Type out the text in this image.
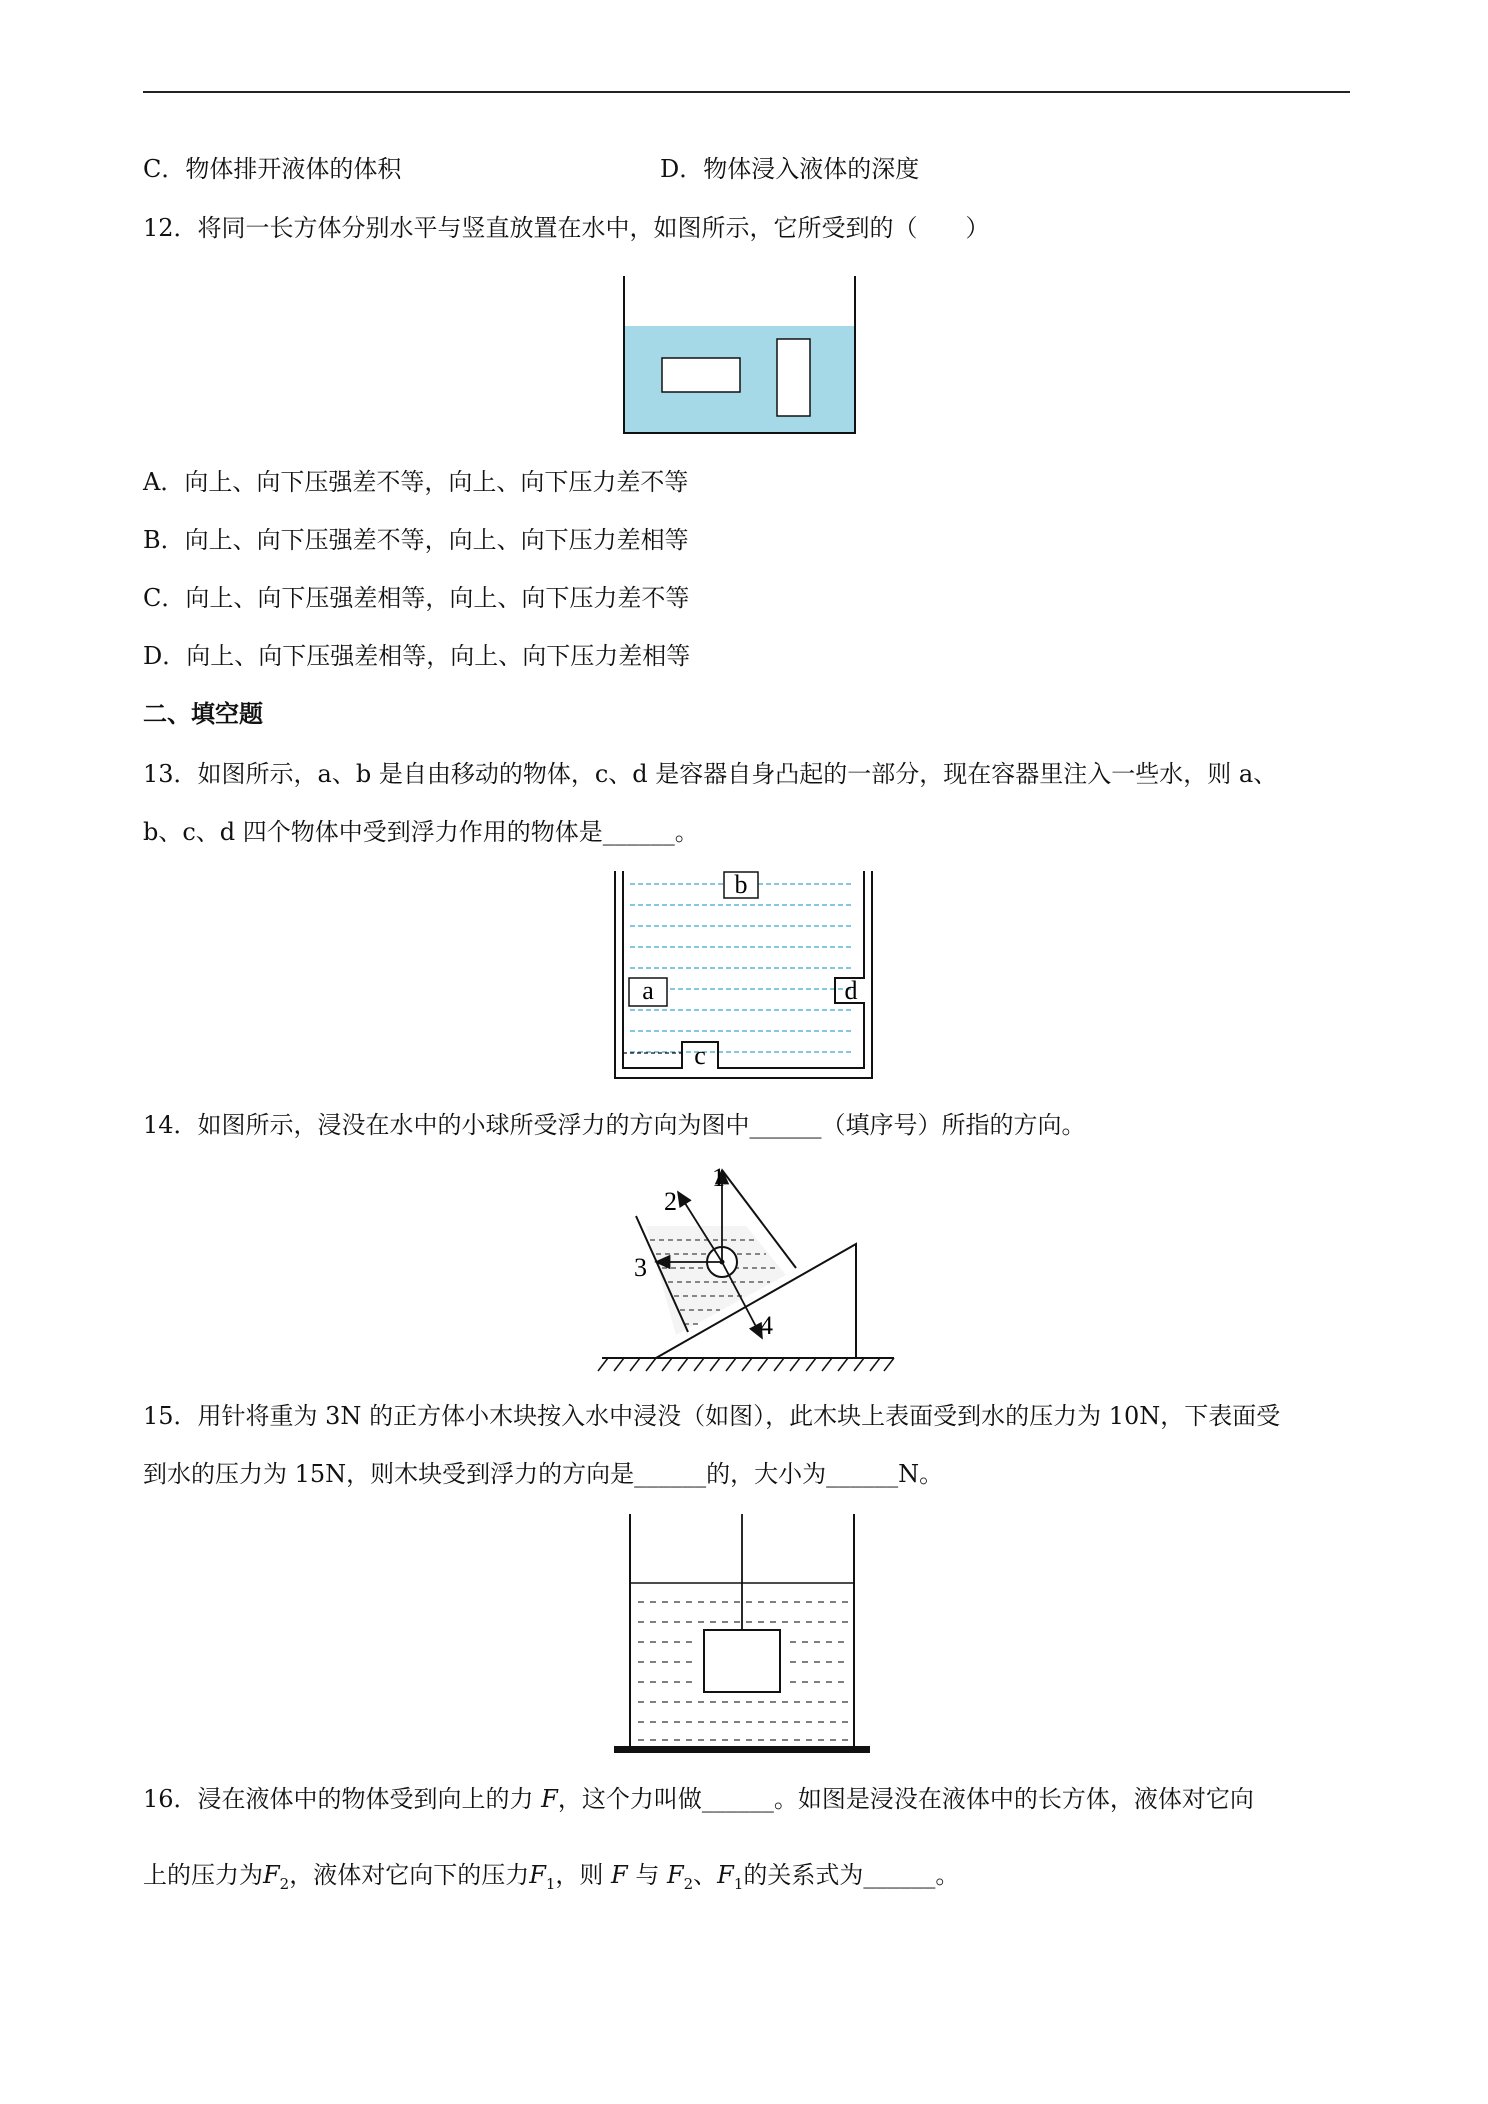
C．物体排开液体的体积	D．物体浸入液体的深度
12．将同一长方体分别水平与竖直放置在水中，如图所示，它所受到的（　　）
A．向上、向下压强差不等，向上、向下压力差不等
B．向上、向下压强差不等，向上、向下压力差相等
C．向上、向下压强差相等，向上、向下压力差不等
D．向上、向下压强差相等，向上、向下压力差相等
二、填空题
13．如图所示，a、b 是自由移动的物体，c、d 是容器自身凸起的一部分，现在容器里注入一些水，则 a、
b、c、d 四个物体中受到浮力作用的物体是______。
b
a	d
c
14．如图所示，浸没在水中的小球所受浮力的方向为图中______（填序号）所指的方向。
1
2
3
4
15．用针将重为 3N 的正方体小木块按入水中浸没（如图），此木块上表面受到水的压力为 10N，下表面受
到水的压力为 15N，则木块受到浮力的方向是______的，大小为______N。
16．浸在液体中的物体受到向上的力 F，这个力叫做______。如图是浸没在液体中的长方体，液体对它向
上的压力为$F_2$，液体对它向下的压力$F_1$，则 F 与 $F_2$、$F_1$的关系式为______。
